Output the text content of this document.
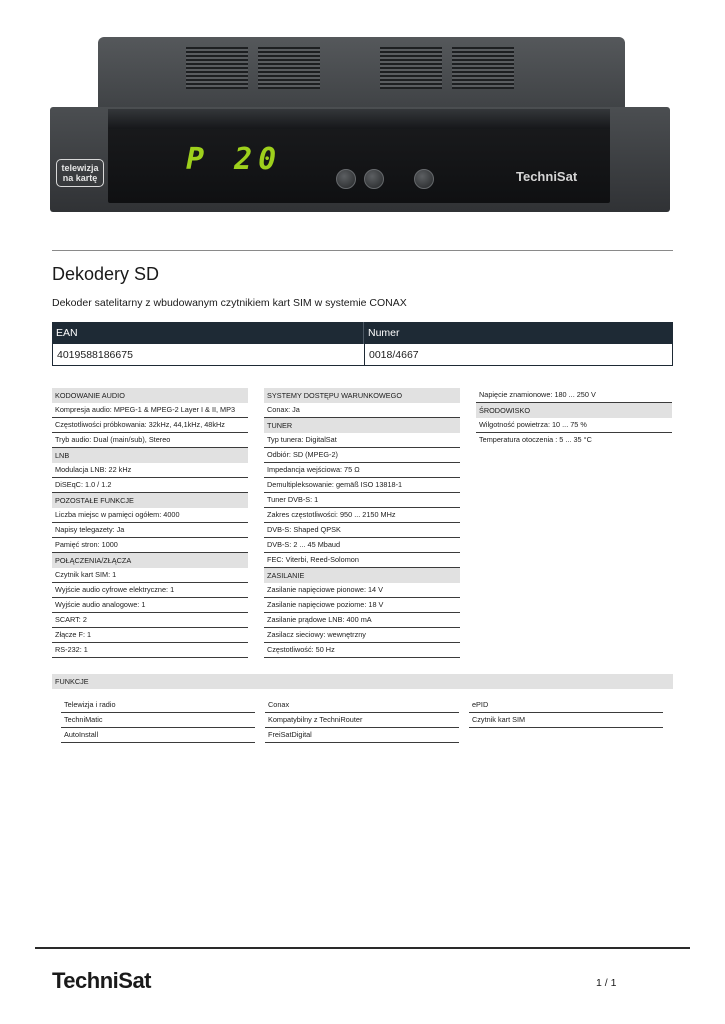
telewizja
na kartę
P 20	TechniSat
Dekodery SD
Dekoder satelitarny z wbudowanym czytnikiem kart SIM w systemie CONAX
EAN	Numer
4019588186675	0018/4667
KODOWANIE AUDIO
Kompresja audio: MPEG-1 & MPEG-2 Layer I & II, MP3
Częstotliwości próbkowania: 32kHz, 44,1kHz, 48kHz
Tryb audio: Dual (main/sub), Stereo
LNB
Modulacja LNB: 22 kHz
DiSEqC: 1.0 / 1.2
POZOSTAŁE FUNKCJE
Liczba miejsc w pamięci ogółem: 4000
Napisy telegazety: Ja
Pamięć stron: 1000
POŁĄCZENIA/ZŁĄCZA
Czytnik kart SIM: 1
Wyjście audio cyfrowe elektryczne: 1
Wyjście audio analogowe: 1
SCART: 2
Złącze F: 1
RS-232: 1
SYSTEMY DOSTĘPU WARUNKOWEGO
Conax: Ja
TUNER
Typ tunera: DigitalSat
Odbiór: SD (MPEG-2)
Impedancja wejściowa: 75 Ω
Demultipleksowanie: gemäß ISO 13818-1
Tuner DVB-S: 1
Zakres częstotliwości: 950 ... 2150 MHz
DVB-S: Shaped QPSK
DVB-S: 2 ... 45 Mbaud
FEC: Viterbi, Reed-Solomon
ZASILANIE
Zasilanie napięciowe pionowe: 14 V
Zasilanie napięciowe poziome: 18 V
Zasilanie prądowe LNB: 400 mA
Zasilacz sieciowy: wewnętrzny
Częstotliwość: 50 Hz
Napięcie znamionowe: 180 ... 250 V
ŚRODOWISKO
Wilgotność powietrza: 10 ... 75 %
Temperatura otoczenia : 5 ... 35 °C
FUNKCJE
Telewizja i radio
TechniMatic
AutoInstall
Conax
Kompatybilny z TechniRouter
FreiSatDigital
ePID
Czytnik kart SIM
TechniSat	1 / 1
